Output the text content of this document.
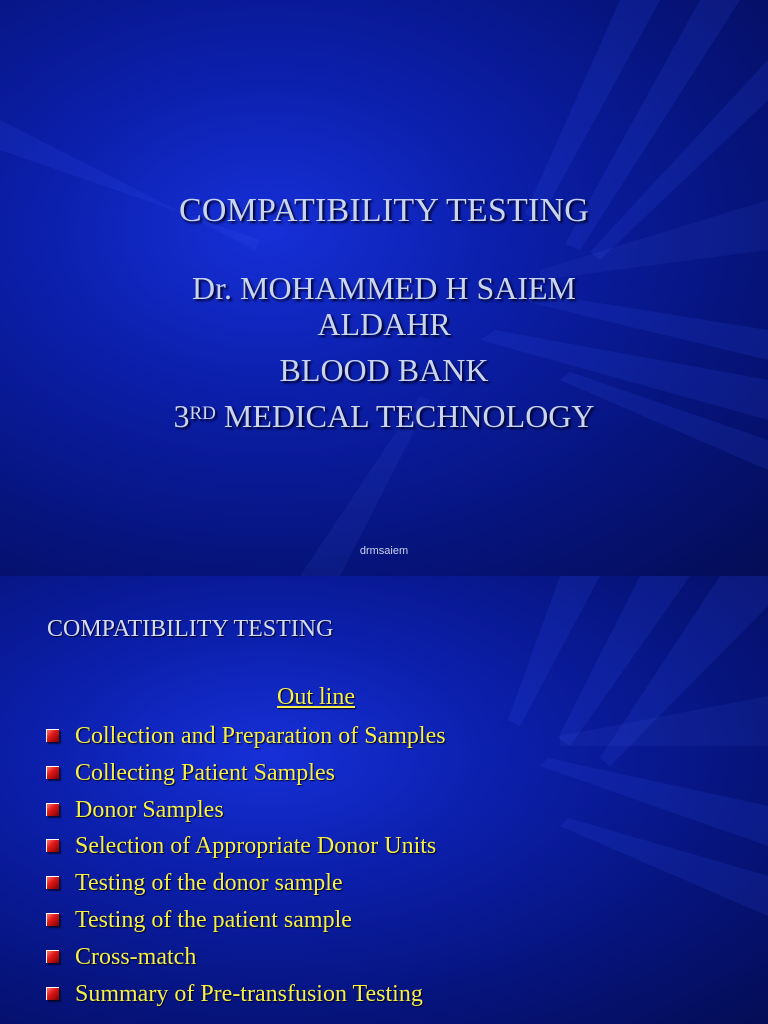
COMPATIBILITY TESTING
Dr. MOHAMMED H SAIEM
ALDAHR
BLOOD BANK
3RD MEDICAL TECHNOLOGY
drmsaiem
COMPATIBILITY TESTING
Out line
Collection and Preparation of Samples
Collecting Patient Samples
Donor Samples
Selection of Appropriate Donor Units
Testing of the donor sample
Testing of the patient sample
Cross-match
Summary of Pre-transfusion Testing
